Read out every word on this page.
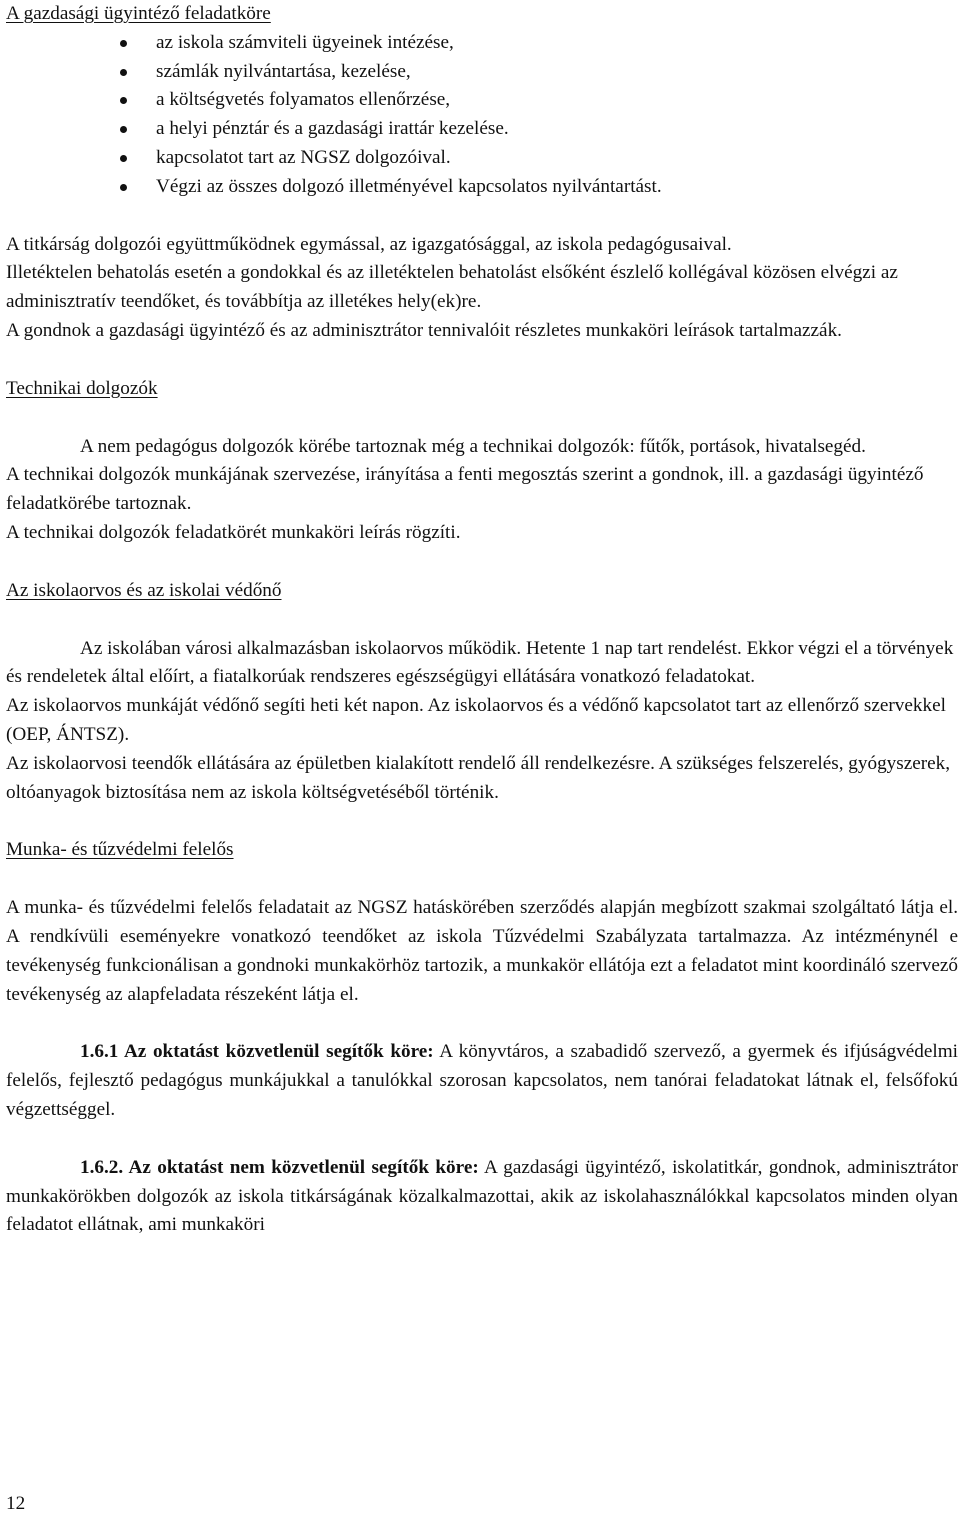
A gazdasági ügyintéző feladatköre
az iskola számviteli ügyeinek intézése,
számlák nyilvántartása, kezelése,
a költségvetés folyamatos ellenőrzése,
a helyi pénztár és a gazdasági irattár kezelése.
kapcsolatot tart az NGSZ dolgozóival.
Végzi az összes dolgozó illetményével kapcsolatos nyilvántartást.

A titkárság dolgozói együttműködnek egymással, az igazgatósággal, az iskola pedagógusaival.

Illetéktelen behatolás esetén a gondokkal és az illetéktelen behatolást elsőként észlelő kollégával közösen elvégzi az adminisztratív teendőket, és továbbítja az illetékes hely(ek)re.

A gondnok a gazdasági ügyintéző és az adminisztrátor tennivalóit részletes munkaköri leírások tartalmazzák.

Technikai dolgozók

A nem pedagógus dolgozók körébe tartoznak még a technikai dolgozók: fűtők, portások, hivatalsegéd.

A technikai dolgozók munkájának szervezése, irányítása a fenti megosztás szerint a gondnok, ill. a gazdasági ügyintéző feladatkörébe tartoznak.

A technikai dolgozók feladatkörét munkaköri leírás rögzíti.

Az iskolaorvos és az iskolai védőnő

Az iskolában városi alkalmazásban iskolaorvos működik. Hetente 1 nap tart rendelést. Ekkor végzi el a törvények és rendeletek által előírt, a fiatalkorúak rendszeres egészségügyi ellátására vonatkozó feladatokat.

Az iskolaorvos munkáját védőnő segíti heti két napon. Az iskolaorvos és a védőnő kapcsolatot tart az ellenőrző szervekkel (OEP, ÁNTSZ).

Az iskolaorvosi teendők ellátására az épületben kialakított rendelő áll rendelkezésre. A szükséges felszerelés, gyógyszerek, oltóanyagok biztosítása nem az iskola költségvetéséből történik.

Munka- és tűzvédelmi felelős

A munka- és tűzvédelmi felelős feladatait az NGSZ hatáskörében szerződés alapján megbízott szakmai szolgáltató látja el. A rendkívüli eseményekre vonatkozó teendőket az iskola Tűzvédelmi Szabályzata tartalmazza. Az intézménynél e tevékenység funkcionálisan a gondnoki munkakörhöz tartozik, a munkakör ellátója ezt a feladatot mint koordináló szervező tevékenység az alapfeladata részeként látja el.

1.6.1 Az oktatást közvetlenül segítők köre: A könyvtáros, a szabadidő szervező, a gyermek és ifjúságvédelmi felelős, fejlesztő pedagógus munkájukkal a tanulókkal szorosan kapcsolatos, nem tanórai feladatokat látnak el, felsőfokú végzettséggel.

1.6.2. Az oktatást nem közvetlenül segítők köre: A gazdasági ügyintéző, iskolatitkár, gondnok, adminisztrátor munkakörökben dolgozók az iskola titkárságának közalkalmazottai, akik az iskolahasználókkal kapcsolatos minden olyan feladatot ellátnak, ami munkaköri

12
